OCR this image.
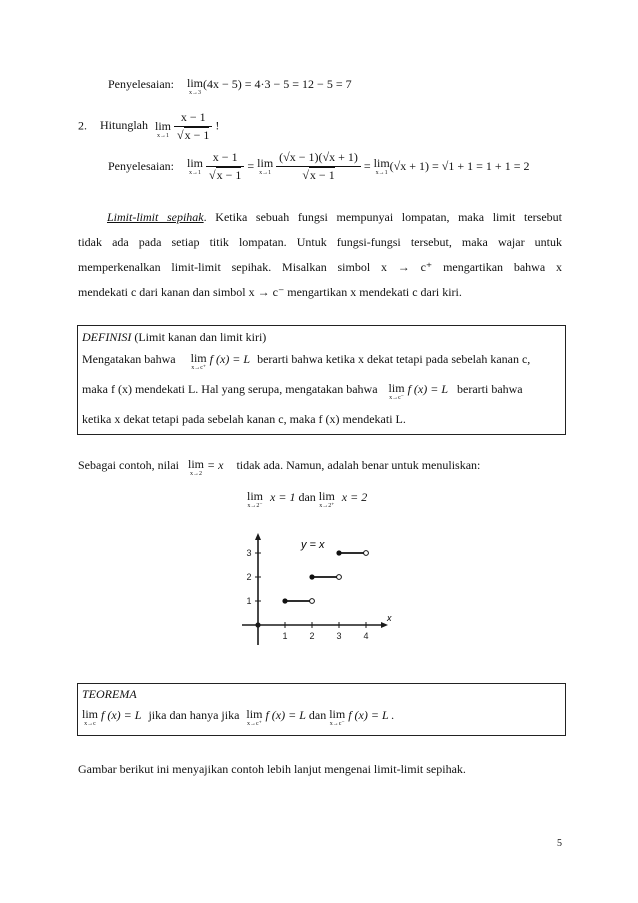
Penyelesaian: lim
x→3
(4x − 5) = 4·3 − 5 = 12 − 5 = 7
2. Hitunglah lim
x→1
$\frac{x - 1}{√x - 1}$ !
Penyelesaian: lim
x→1
$\frac{x - 1}{√x - 1} = \lim$
x→1
$\frac{(√x - 1)(√x + 1)}{√x - 1} = \lim$
x→1 (√x + 1) = √1 + 1 = 1 + 1 = 2
Limit-limit sepihak. Ketika sebuah fungsi mempunyai lompatan, maka limit tersebut
tidak ada pada setiap titik lompatan. Untuk fungsi-fungsi tersebut, maka wajar untuk
memperkenalkan limit-limit sepihak. Misalkan simbol x → c⁺ mengartikan bahwa x
mendekati c dari kanan dan simbol x → c⁻ mengartikan x mendekati c dari kiri.
DEFINISI (Limit kanan dan limit kiri)
Mengatakan bahwa lim
x→c⁺
f (x) = L berarti bahwa ketika x dekat tetapi pada sebelah kanan c,
maka f (x) mendekati L. Hal yang serupa, mengatakan bahwa lim
x→c⁻
f (x) = L berarti bahwa
ketika x dekat tetapi pada sebelah kanan c, maka f (x) mendekati L.
Sebagai contoh, nilai lim
x→2
= x tidak ada. Namun, adalah benar untuk menuliskan:
lim
x→2⁻
x = 1 dan lim
x→2⁺
x = 2
1 2 3 4
1
2
3
x
y = x
TEOREMA
lim
x→c
f (x) = L jika dan hanya jika lim
x→c⁺
f (x) = L dan lim
x→c⁻
f (x) = L .
Gambar berikut ini menyajikan contoh lebih lanjut mengenai limit-limit sepihak.
5
